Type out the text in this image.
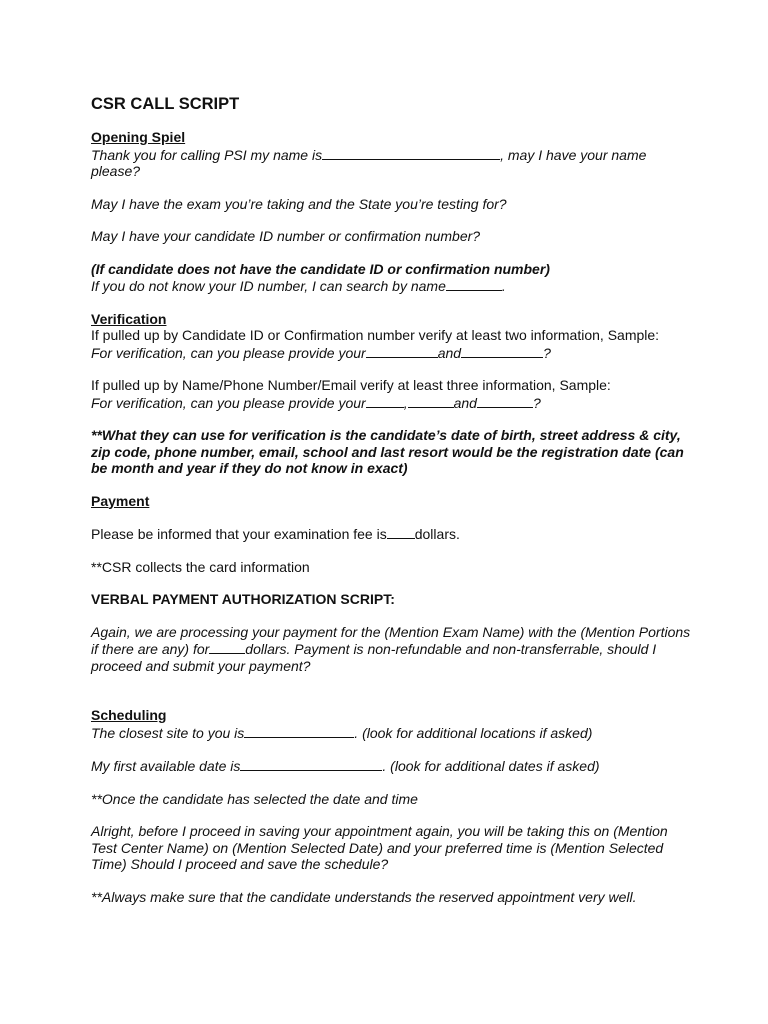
CSR CALL SCRIPT

Opening Spiel

Thank you for calling PSI my name is	, may I have your name please?

May I have the exam you’re taking and the State you’re testing for?

May I have your candidate ID number or confirmation number?

(If candidate does not have the candidate ID or confirmation number)

If you do not know your ID number, I can search by name	.

Verification

If pulled up by Candidate ID or Confirmation number verify at least two information, Sample:

For verification, can you please provide your	and	?

If pulled up by Name/Phone Number/Email verify at least three information, Sample:

For verification, can you please provide your	,	and	?

**What they can use for verification is the candidate’s date of birth, street address & city, zip code, phone number, email, school and last resort would be the registration date (can be month and year if they do not know in exact)

Payment

Please be informed that your examination fee is dollars.

**CSR collects the card information

VERBAL PAYMENT AUTHORIZATION SCRIPT:

Again, we are processing your payment for the (Mention Exam Name) with the (Mention Portions if there are any) for	dollars. Payment is non-refundable and non-transferrable, should I proceed and submit your payment?

Scheduling

The closest site to you is	. (look for additional locations if asked)

My first available date is	. (look for additional dates if asked)

**Once the candidate has selected the date and time

Alright, before I proceed in saving your appointment again, you will be taking this on (Mention Test Center Name) on (Mention Selected Date) and your preferred time is (Mention Selected Time) Should I proceed and save the schedule?

**Always make sure that the candidate understands the reserved appointment very well.
